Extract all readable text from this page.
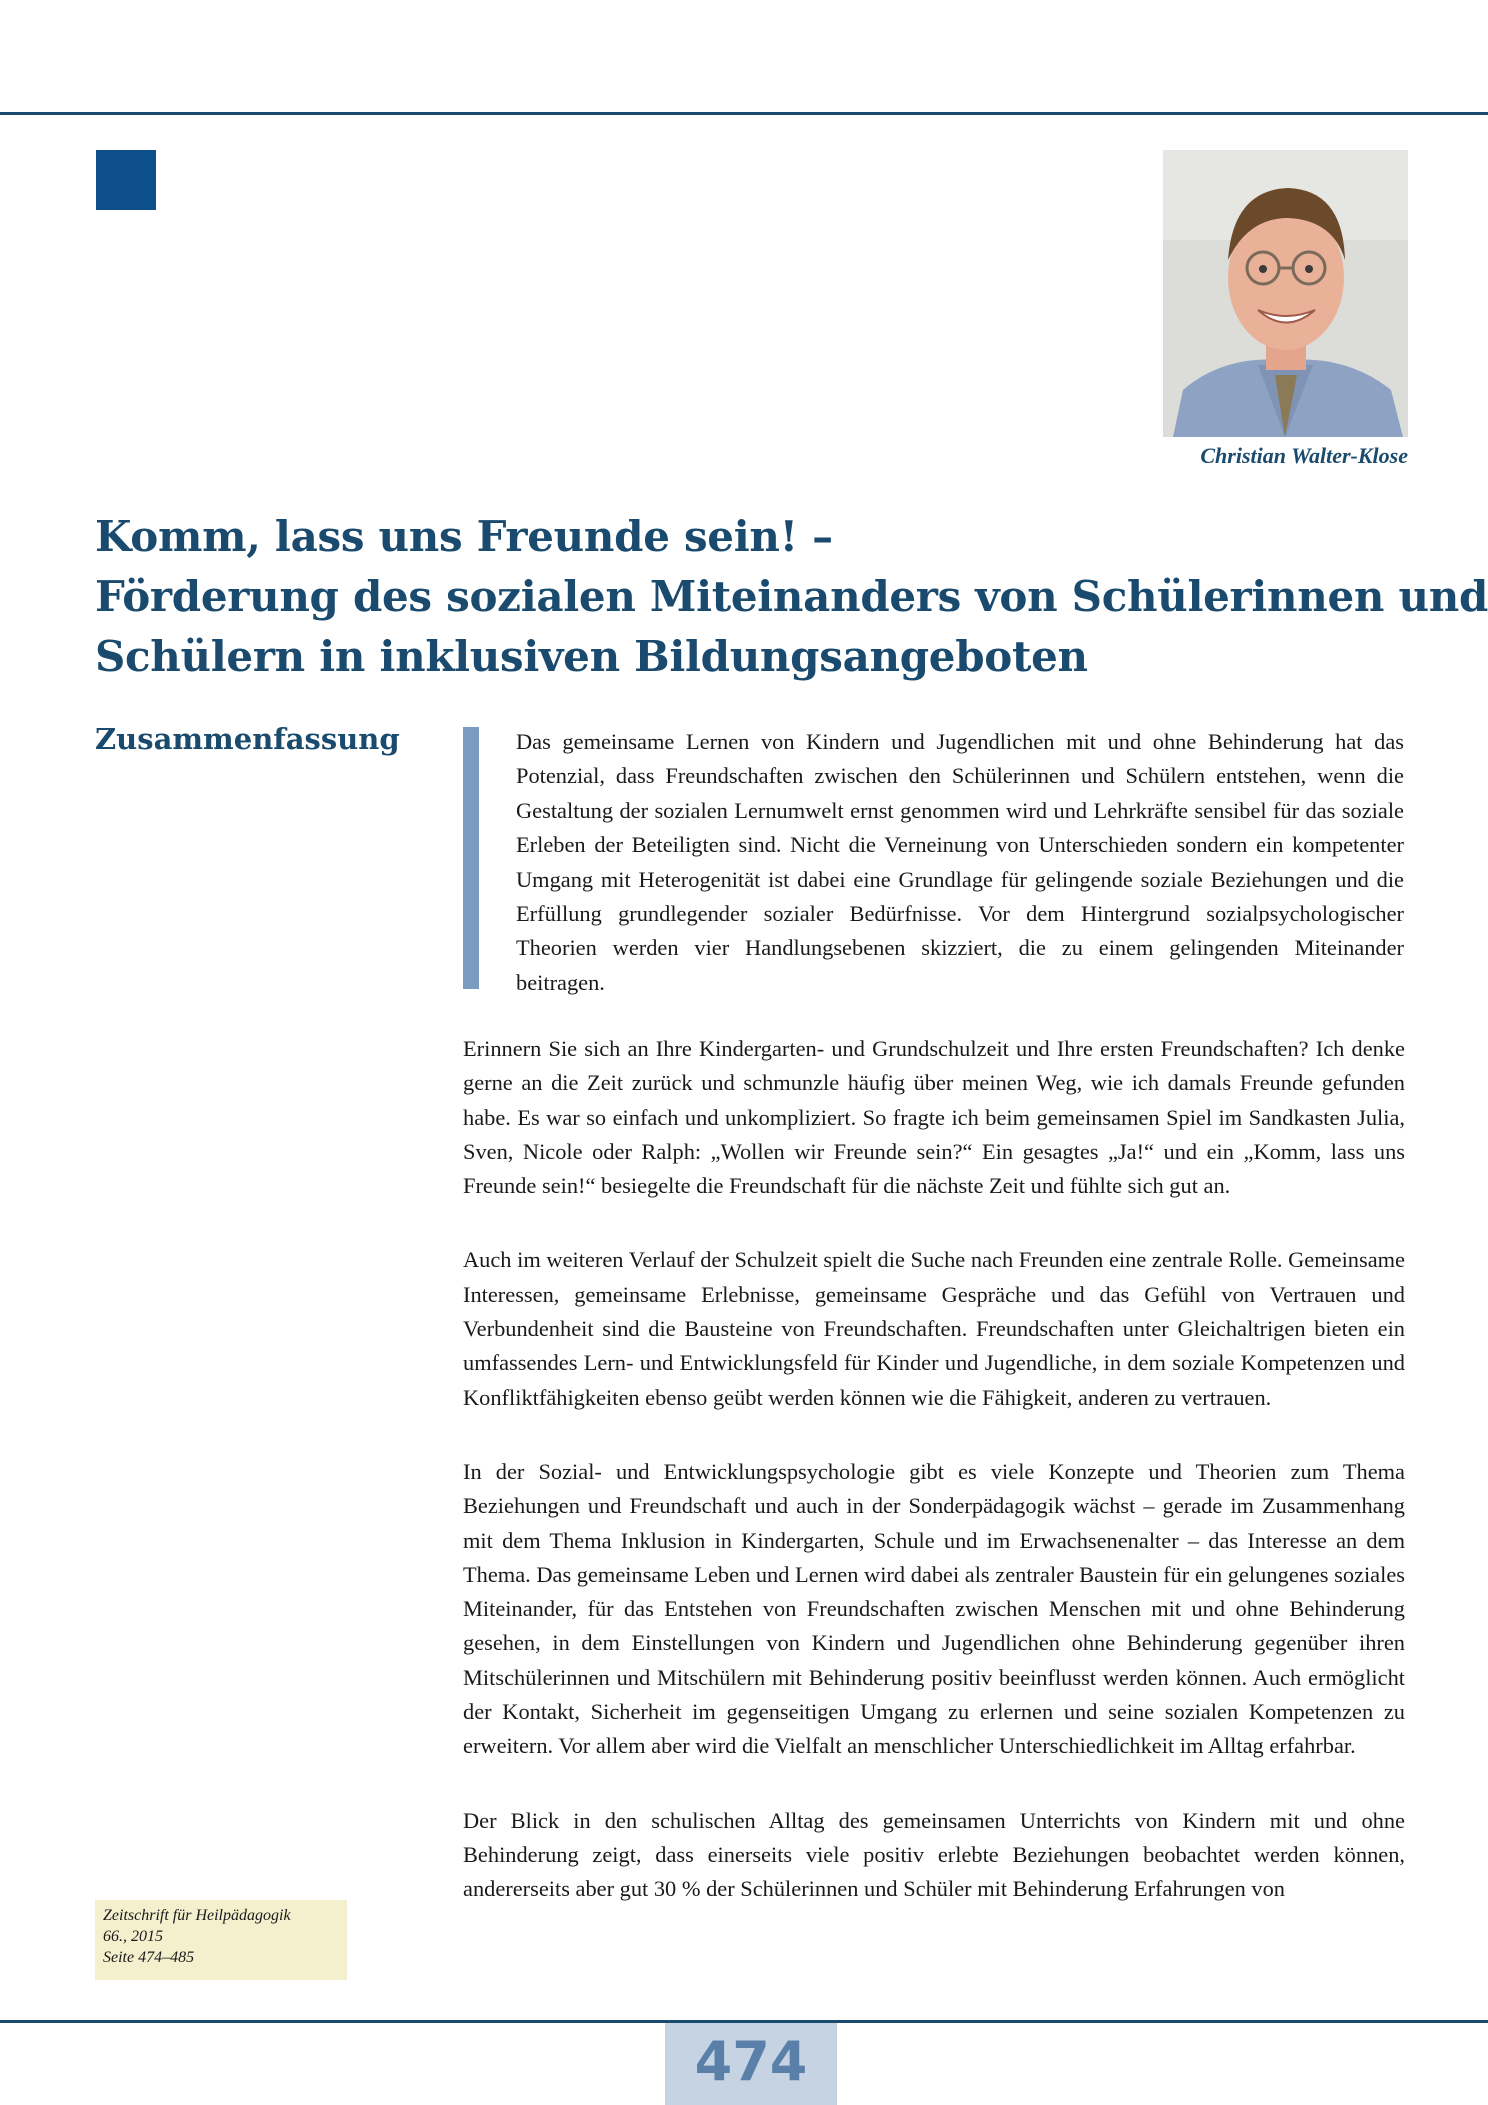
Christian Walter-Klose
Komm, lass uns Freunde sein! –
Förderung des sozialen Miteinanders von Schülerinnen und
Schülern in inklusiven Bildungsangeboten
Zusammenfassung	Das gemeinsame Lernen von Kindern und Jugendlichen mit und ohne Behinderung hat das Potenzial, dass Freundschaften zwischen den Schülerinnen und Schülern entstehen, wenn die Gestaltung der sozialen Lernumwelt ernst genommen wird und Lehrkräfte sensibel für das soziale Erleben der Beteiligten sind. Nicht die Verneinung von Unterschieden sondern ein kompetenter Umgang mit Heterogenität ist dabei eine Grundlage für gelingende soziale Beziehungen und die Erfüllung grundlegender sozialer Bedürfnisse. Vor dem Hintergrund sozialpsychologischer Theorien werden vier Handlungsebenen skizziert, die zu einem gelingenden Miteinander beitragen.

Erinnern Sie sich an Ihre Kindergarten- und Grundschulzeit und Ihre ersten Freundschaften? Ich denke gerne an die Zeit zurück und schmunzle häufig über meinen Weg, wie ich damals Freunde gefunden habe. Es war so einfach und unkompliziert. So fragte ich beim gemeinsamen Spiel im Sandkasten Julia, Sven, Nicole oder Ralph: „Wollen wir Freunde sein?“ Ein gesagtes „Ja!“ und ein „Komm, lass uns Freunde sein!“ besiegelte die Freundschaft für die nächste Zeit und fühlte sich gut an.

Auch im weiteren Verlauf der Schulzeit spielt die Suche nach Freunden eine zentrale Rolle. Gemeinsame Interessen, gemeinsame Erlebnisse, gemeinsame Gespräche und das Gefühl von Vertrauen und Verbundenheit sind die Bausteine von Freundschaften. Freundschaften unter Gleichaltrigen bieten ein umfassendes Lern- und Entwicklungsfeld für Kinder und Jugendliche, in dem soziale Kompetenzen und Konfliktfähigkeiten ebenso geübt werden können wie die Fähigkeit, anderen zu vertrauen.

In der Sozial- und Entwicklungspsychologie gibt es viele Konzepte und Theorien zum Thema Beziehungen und Freundschaft und auch in der Sonderpädagogik wächst – gerade im Zusammenhang mit dem Thema Inklusion in Kindergarten, Schule und im Erwachsenenalter – das Interesse an dem Thema. Das gemeinsame Leben und Lernen wird dabei als zentraler Baustein für ein gelungenes soziales Miteinander, für das Entstehen von Freundschaften zwischen Menschen mit und ohne Behinderung gesehen, in dem Einstellungen von Kindern und Jugendlichen ohne Behinderung gegenüber ihren Mitschülerinnen und Mitschülern mit Behinderung positiv beeinflusst werden können. Auch ermöglicht der Kontakt, Sicherheit im gegenseitigen Umgang zu erlernen und seine sozialen Kompetenzen zu erweitern. Vor allem aber wird die Vielfalt an menschlicher Unterschiedlichkeit im Alltag erfahrbar.

Der Blick in den schulischen Alltag des gemeinsamen Unterrichts von Kindern mit und ohne Behinderung zeigt, dass einerseits viele positiv erlebte Beziehungen beobachtet werden können, andererseits aber gut 30 % der Schülerinnen und Schüler mit Behinderung Erfahrungen von

Zeitschrift für Heilpädagogik
66., 2015
Seite 474–485
474
